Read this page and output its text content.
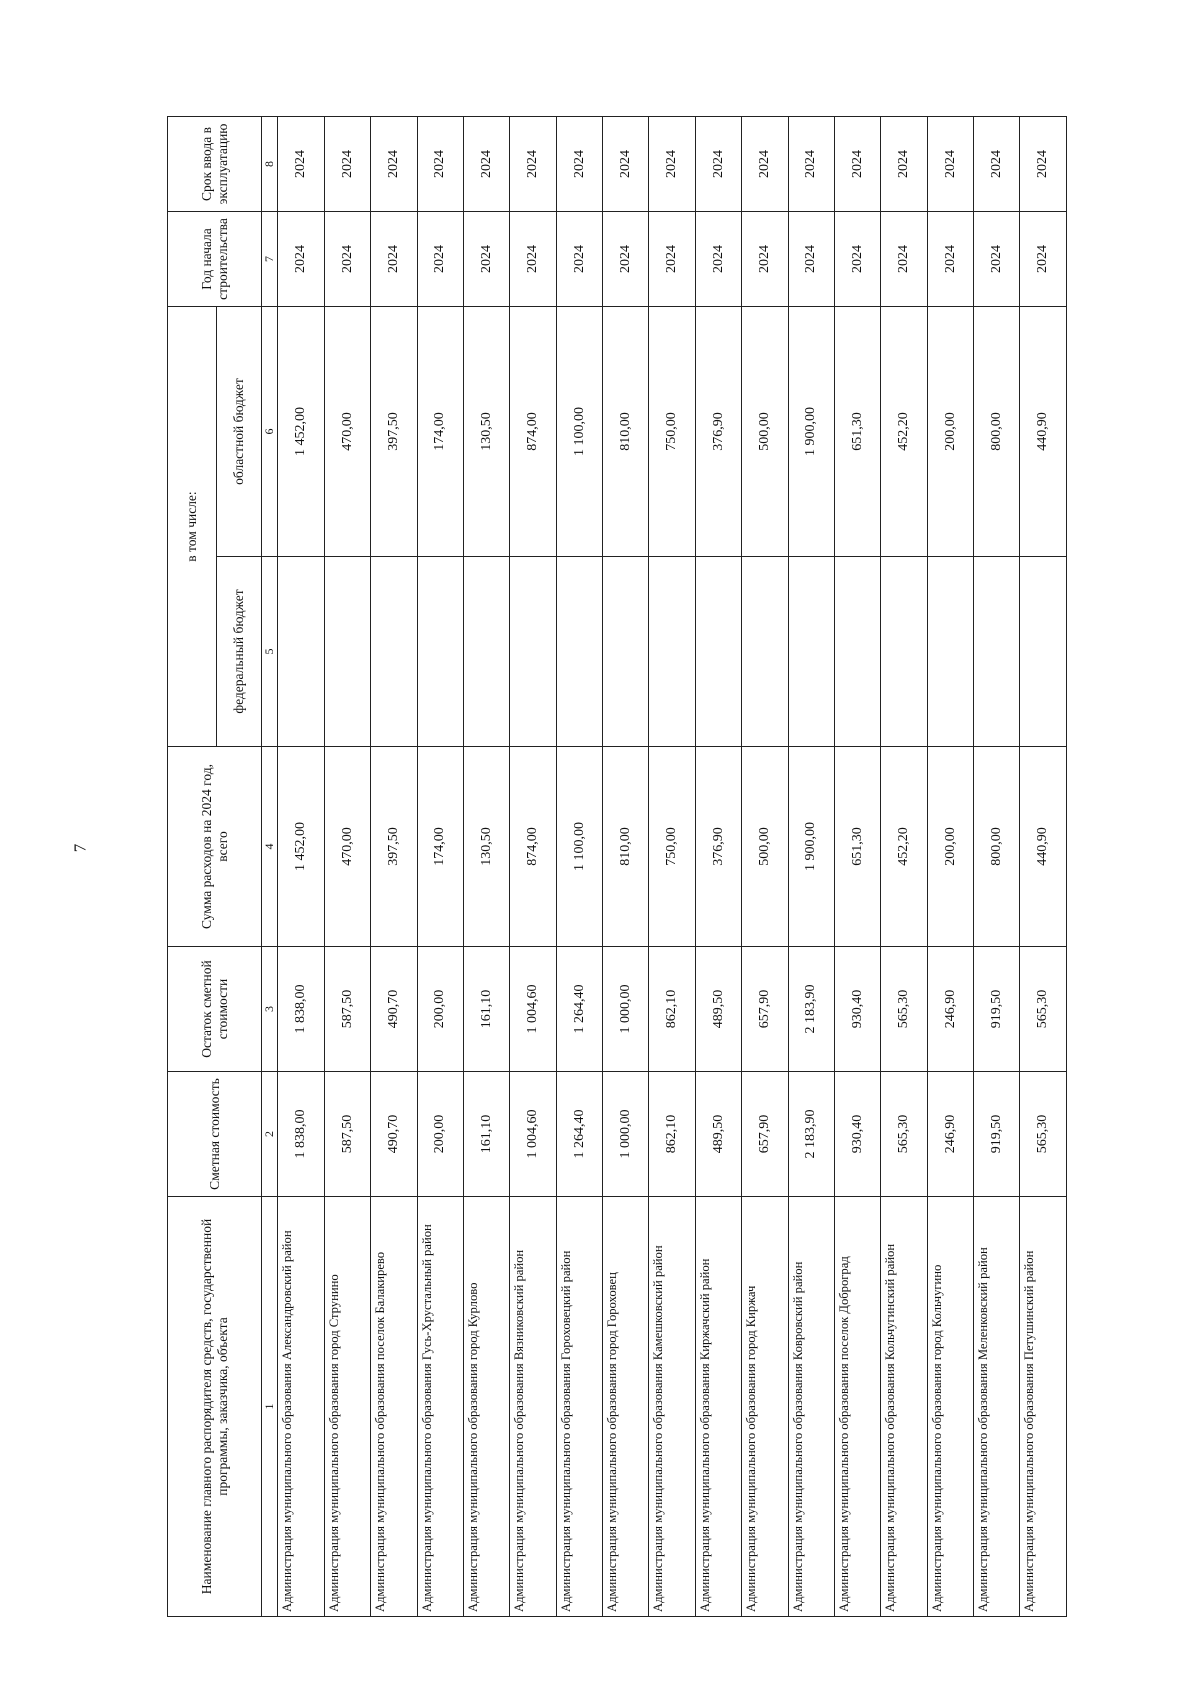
7
Наименование главного распорядителя средств, государственной программы, заказчика, объекта	Сметная стоимость	Остаток сметной стоимости	Сумма расходов на 2024 год, всего	в том числе:		Год начала строительства	Срок ввода в эксплуатацию
				федеральный бюджет	областной бюджет		
1	2	3	4	5	6	7	8
Администрация муниципального образования Александровский район	1 838,00	1 838,00	1 452,00		1 452,00	2024	2024
Администрация муниципального образования город Струнино	587,50	587,50	470,00		470,00	2024	2024
Администрация муниципального образования поселок Балакирево	490,70	490,70	397,50		397,50	2024	2024
Администрация муниципального образования Гусь-Хрустальный район	200,00	200,00	174,00		174,00	2024	2024
Администрация муниципального образования город Курлово	161,10	161,10	130,50		130,50	2024	2024
Администрация муниципального образования Вязниковский район	1 004,60	1 004,60	874,00		874,00	2024	2024
Администрация муниципального образования Гороховецкий район	1 264,40	1 264,40	1 100,00		1 100,00	2024	2024
Администрация муниципального образования город Гороховец	1 000,00	1 000,00	810,00		810,00	2024	2024
Администрация муниципального образования Камешковский район	862,10	862,10	750,00		750,00	2024	2024
Администрация муниципального образования Киржачский район	489,50	489,50	376,90		376,90	2024	2024
Администрация муниципального образования город Киржач	657,90	657,90	500,00		500,00	2024	2024
Администрация муниципального образования Ковровский район	2 183,90	2 183,90	1 900,00		1 900,00	2024	2024
Администрация муниципального образования поселок Доброград	930,40	930,40	651,30		651,30	2024	2024
Администрация муниципального образования Кольчугинский район	565,30	565,30	452,20		452,20	2024	2024
Администрация муниципального образования город Кольчугино	246,90	246,90	200,00		200,00	2024	2024
Администрация муниципального образования Меленковский район	919,50	919,50	800,00		800,00	2024	2024
Администрация муниципального образования Петушинский район	565,30	565,30	440,90		440,90	2024	2024
